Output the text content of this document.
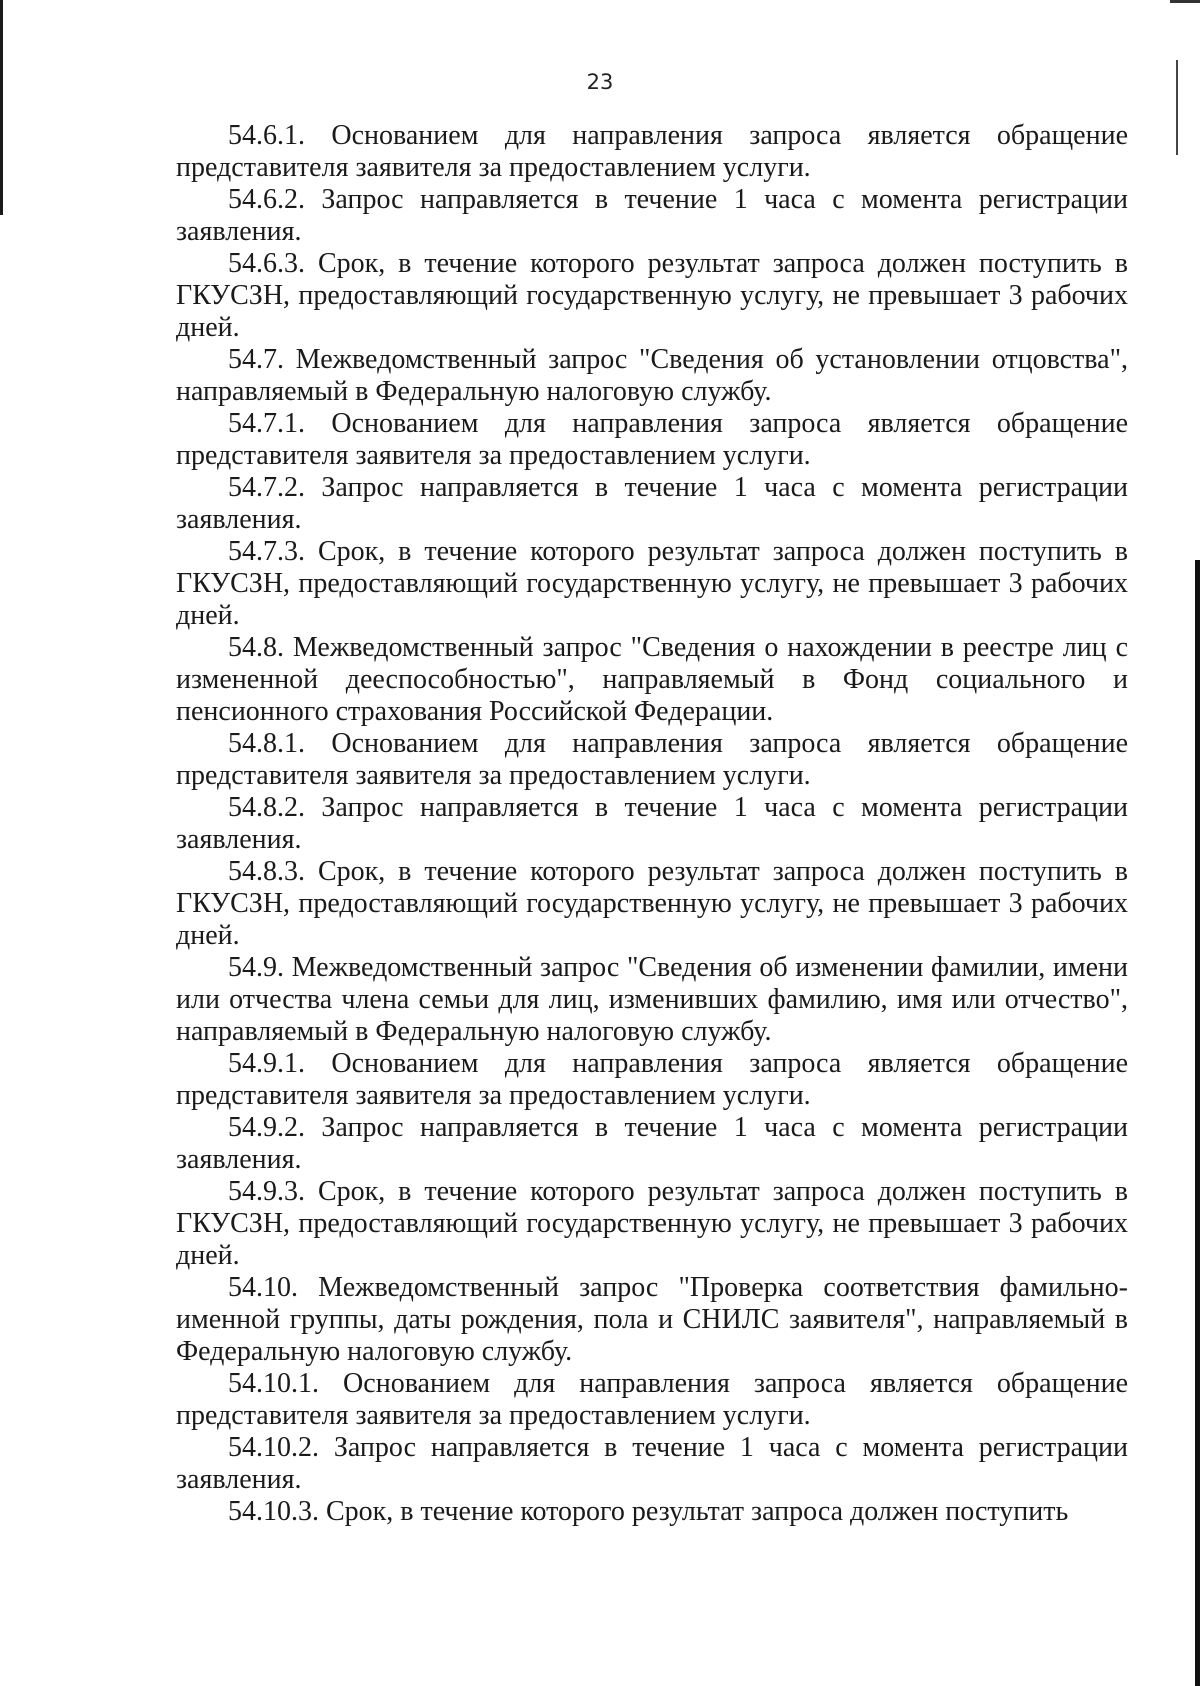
23

54.6.1. Основанием для направления запроса является обращение представителя заявителя за предоставлением услуги.

54.6.2. Запрос направляется в течение 1 часа с момента регистрации заявления.

54.6.3. Срок, в течение которого результат запроса должен поступить в ГКУСЗН, предоставляющий государственную услугу, не превышает 3 рабочих дней.

54.7. Межведомственный запрос "Сведения об установлении отцовства", направляемый в Федеральную налоговую службу.

54.7.1. Основанием для направления запроса является обращение представителя заявителя за предоставлением услуги.

54.7.2. Запрос направляется в течение 1 часа с момента регистрации заявления.

54.7.3. Срок, в течение которого результат запроса должен поступить в ГКУСЗН, предоставляющий государственную услугу, не превышает 3 рабочих дней.

54.8. Межведомственный запрос "Сведения о нахождении в реестре лиц с измененной дееспособностью", направляемый в Фонд социального и пенсионного страхования Российской Федерации.

54.8.1. Основанием для направления запроса является обращение представителя заявителя за предоставлением услуги.

54.8.2. Запрос направляется в течение 1 часа с момента регистрации заявления.

54.8.3. Срок, в течение которого результат запроса должен поступить в ГКУСЗН, предоставляющий государственную услугу, не превышает 3 рабочих дней.

54.9. Межведомственный запрос "Сведения об изменении фамилии, имени или отчества члена семьи для лиц, изменивших фамилию, имя или отчество", направляемый в Федеральную налоговую службу.

54.9.1. Основанием для направления запроса является обращение представителя заявителя за предоставлением услуги.

54.9.2. Запрос направляется в течение 1 часа с момента регистрации заявления.

54.9.3. Срок, в течение которого результат запроса должен поступить в ГКУСЗН, предоставляющий государственную услугу, не превышает 3 рабочих дней.

54.10. Межведомственный запрос "Проверка соответствия фамильно-именной группы, даты рождения, пола и СНИЛС заявителя", направляемый в Федеральную налоговую службу.

54.10.1. Основанием для направления запроса является обращение представителя заявителя за предоставлением услуги.

54.10.2. Запрос направляется в течение 1 часа с момента регистрации заявления.

54.10.3. Срок, в течение которого результат запроса должен поступить
